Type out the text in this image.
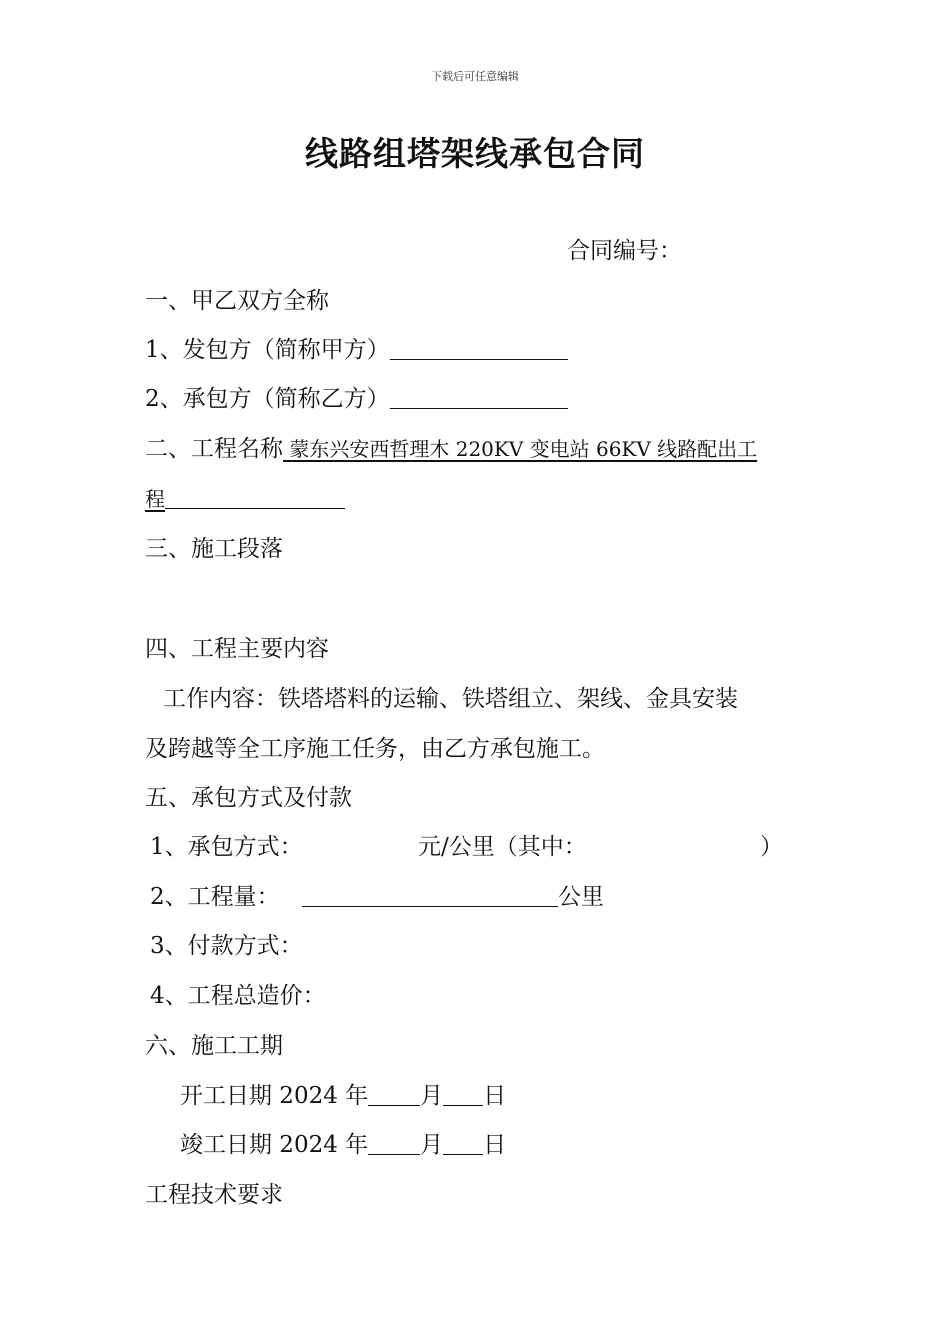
下载后可任意编辑
线路组塔架线承包合同
合同编号：
一、甲乙双方全称
1、发包方（简称甲方）
2、承包方（简称乙方）
二、工程名称 蒙东兴安西哲理木 220KV 变电站 66KV 线路配出工
程
三、施工段落
四、工程主要内容
工作内容：铁塔塔料的运输、铁塔组立、架线、金具安装
及跨越等全工序施工任务，由乙方承包施工。
五、承包方式及付款
1、承包方式：	元/公里（其中：	）
2、工程量：	公里
3、付款方式：
4、工程总造价：
六、施工工期
开工日期 2024 年 月 日
竣工日期 2024 年 月 日
工程技术要求
